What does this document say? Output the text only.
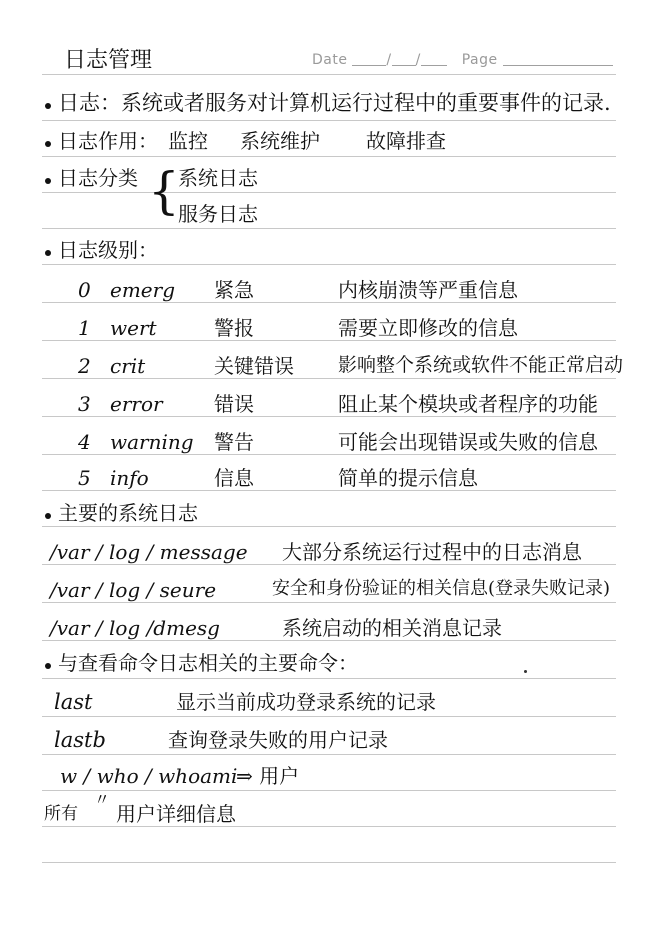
日志管理	Date	/ /	Page
日志：系统或者服务对计算机运行过程中的重要事件的记录.
日志作用： 监控 系统维护 故障排查
日志分类 {
系统日志
服务日志
日志级别：
0 emerg 紧急	内核崩溃等严重信息
1 wert	警报	需要立即修改的信息
2 crit	关键错误 影响整个系统或软件不能正常启动
3 error	错误	阻止某个模块或者程序的功能
4 warning 警告	可能会出现错误或失败的信息
5 info	信息	简单的提示信息
主要的系统日志
/var / log / message 大部分系统运行过程中的日志消息
/var / log / seure	安全和身份验证的相关信息(登录失败记录)
/var / log /dmesg	系统启动的相关消息记录
与查看命令日志相关的主要命令：
last	显示当前成功登录系统的记录
lastb	查询登录失败的用户记录
w / who / whoami
⇒ 用户
所有
〃
用户详细信息
